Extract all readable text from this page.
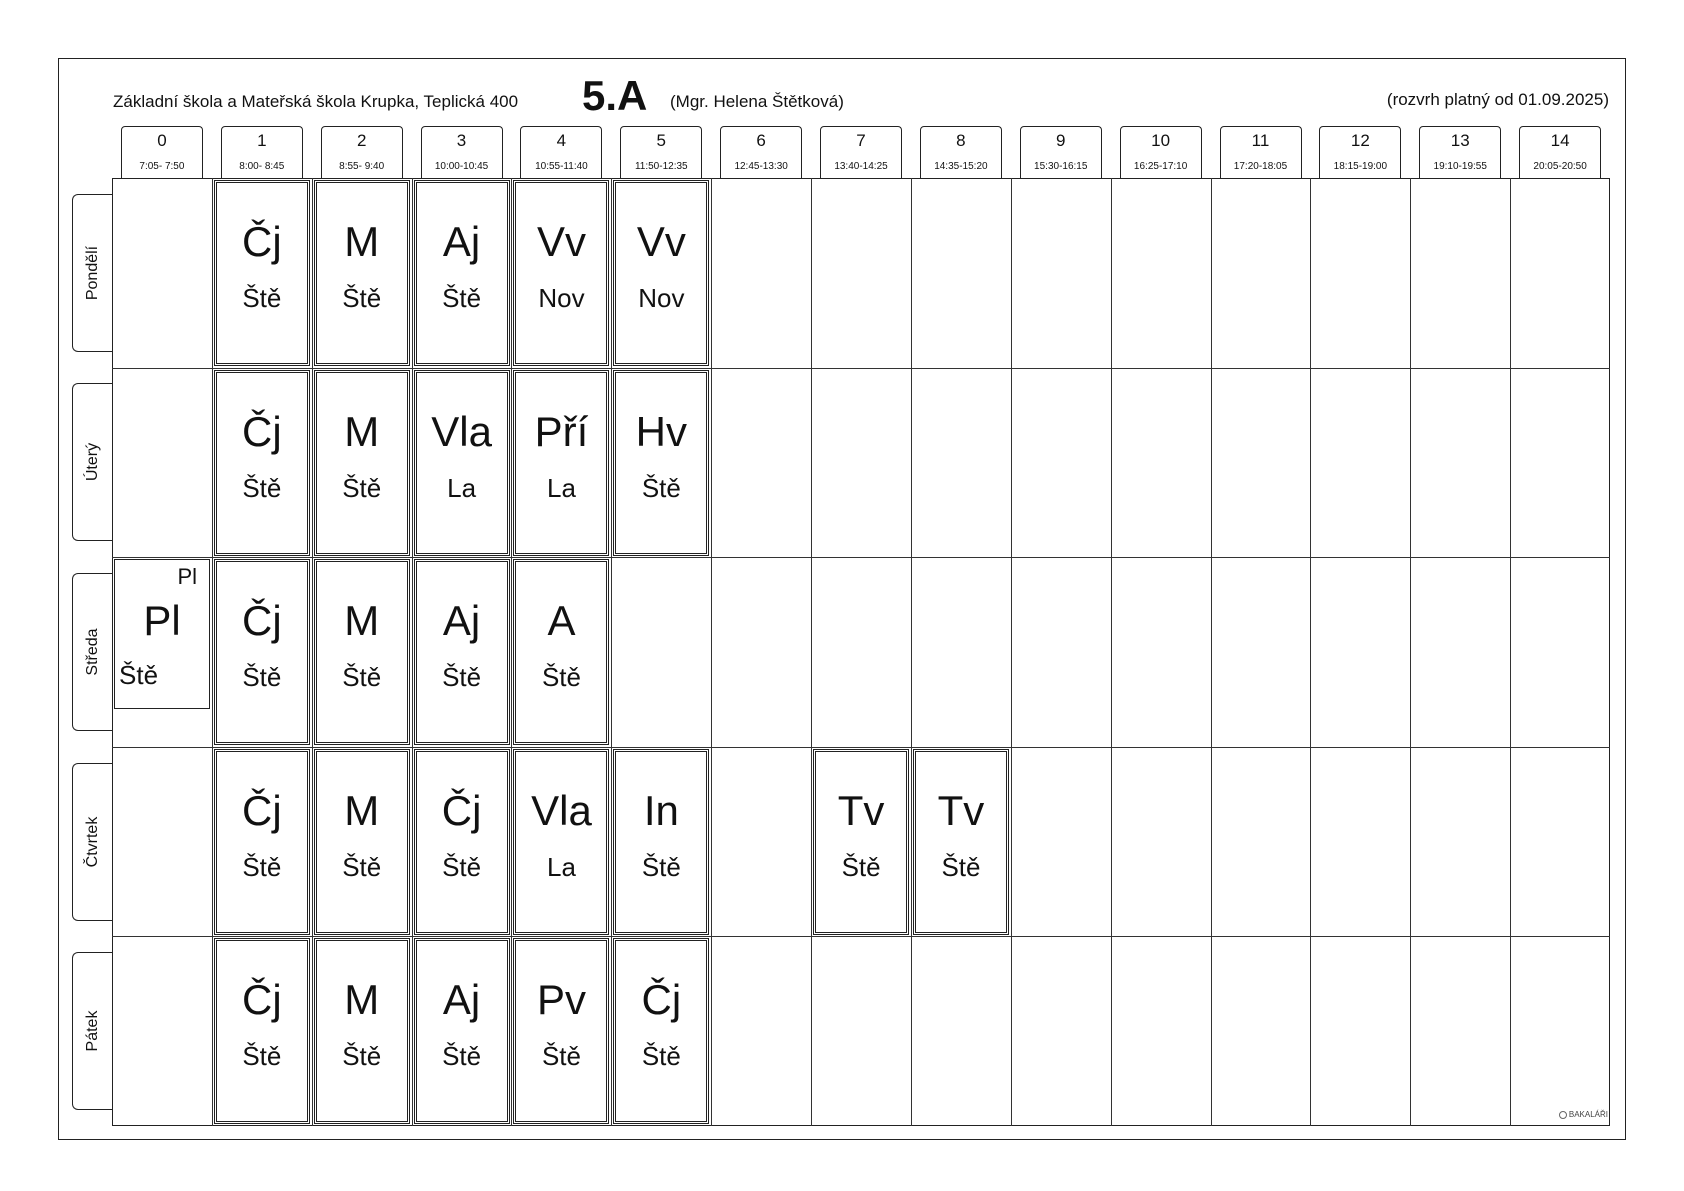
Základní škola a Mateřská škola Krupka, Teplická 400 5.A (Mgr. Helena Štětková)	(rozvrh platný od 01.09.2025)
0
7:05- 7:50
1
8:00- 8:45
2
8:55- 9:40
3
10:00-10:45
4
10:55-11:40
5
11:50-12:35
6
12:45-13:30
7
13:40-14:25
8
14:35-15:20
9
15:30-16:15
10
16:25-17:10
11
17:20-18:05
12
18:15-19:00
13
19:10-19:55
14
20:05-20:50
Pondělí
Úterý
Středa
Čtvrtek
Pátek
Čj
Ště
M
Ště
Aj
Ště
Vv
Nov
Vv
Nov
Čj
Ště
M
Ště
Vla
La
Pří
La
Hv
Ště
Pl
Pl
Ště
Čj
Ště
M
Ště
Aj
Ště
A
Ště
Čj
Ště
M
Ště
Čj
Ště
Vla
La
In
Ště
Tv
Ště
Tv
Ště
Čj
Ště
M
Ště
Aj
Ště
Pv
Ště
Čj
Ště
BAKALÁŘI
